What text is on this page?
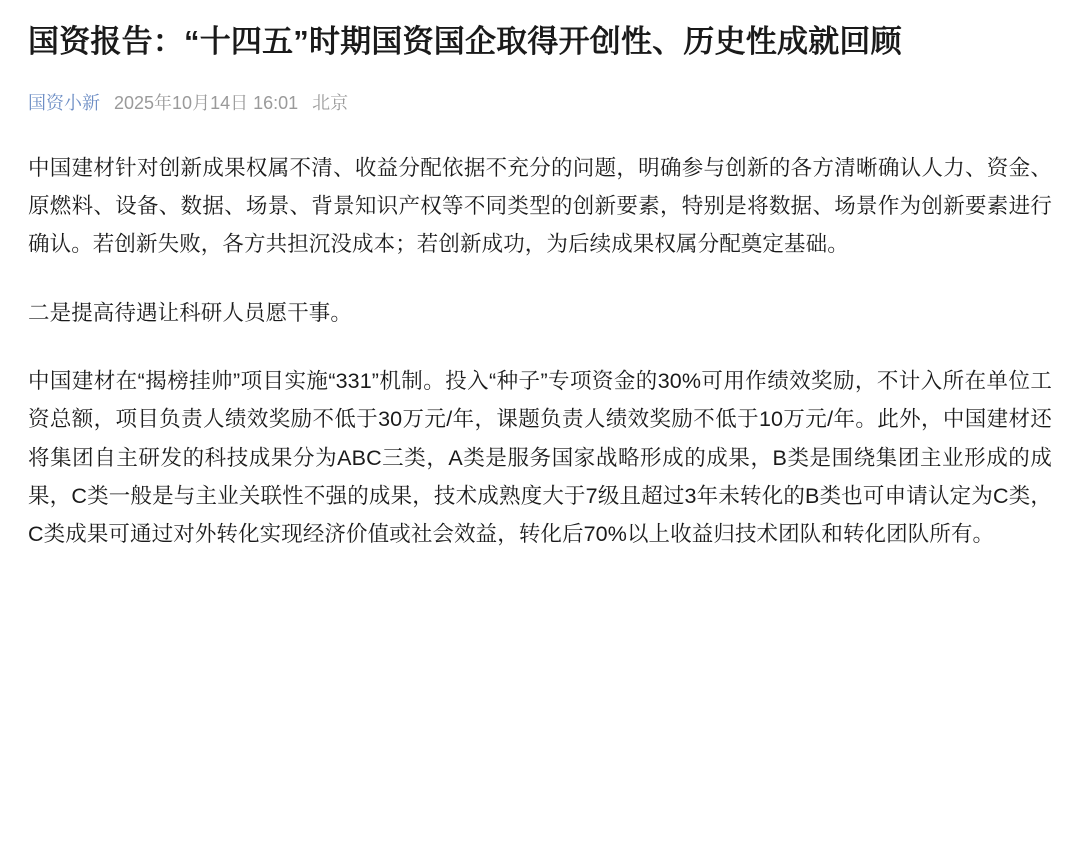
国资报告：“十四五”时期国资国企取得开创性、历史性成就回顾
国资小新 2025年10月14日 16:01 北京

中国建材针对创新成果权属不清、收益分配依据不充分的问题，明确参与创新的各方清晰确认人力、资金、原燃料、设备、数据、场景、背景知识产权等不同类型的创新要素，特别是将数据、场景作为创新要素进行确认。若创新失败，各方共担沉没成本；若创新成功，为后续成果权属分配奠定基础。

二是提高待遇让科研人员愿干事。

中国建材在“揭榜挂帅”项目实施“331”机制。投入“种子”专项资金的30%可用作绩效奖励，不计入所在单位工资总额，项目负责人绩效奖励不低于30万元/年，课题负责人绩效奖励不低于10万元/年。此外，中国建材还将集团自主研发的科技成果分为ABC三类，A类是服务国家战略形成的成果，B类是围绕集团主业形成的成果，C类一般是与主业关联性不强的成果，技术成熟度大于7级且超过3年未转化的B类也可申请认定为C类，C类成果可通过对外转化实现经济价值或社会效益，转化后70%以上收益归技术团队和转化团队所有。
